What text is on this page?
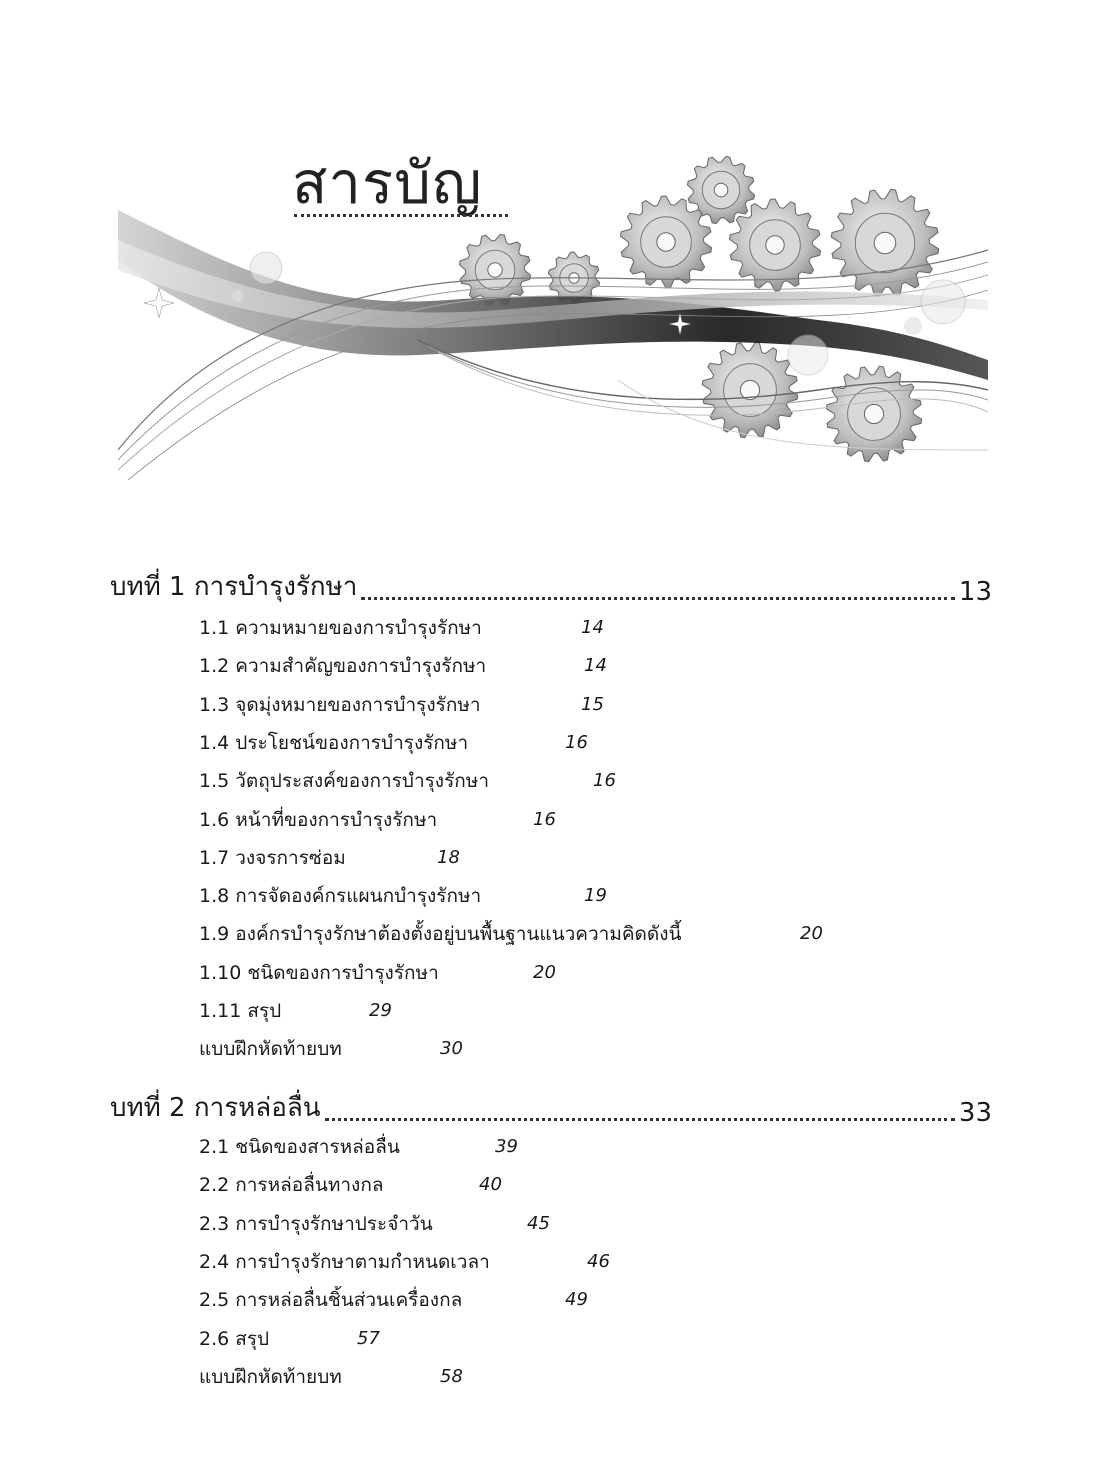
สารบัญ
บทที่ 1 การบำรุงรักษา	13
1.1 ความหมายของการบำรุงรักษา	14
1.2 ความสำคัญของการบำรุงรักษา	14
1.3 จุดมุ่งหมายของการบำรุงรักษา	15
1.4 ประโยชน์ของการบำรุงรักษา	16
1.5 วัตถุประสงค์ของการบำรุงรักษา	16
1.6 หน้าที่ของการบำรุงรักษา	16
1.7 วงจรการซ่อม	18
1.8 การจัดองค์กรแผนกบำรุงรักษา	19
1.9 องค์กรบำรุงรักษาต้องตั้งอยู่บนพื้นฐานแนวความคิดดังนี้	20
1.10 ชนิดของการบำรุงรักษา	20
1.11 สรุป	29
แบบฝึกหัดท้ายบท	30
บทที่ 2 การหล่อลื่น	33
2.1 ชนิดของสารหล่อลื่น	39
2.2 การหล่อลื่นทางกล	40
2.3 การบำรุงรักษาประจำวัน	45
2.4 การบำรุงรักษาตามกำหนดเวลา	46
2.5 การหล่อลื่นชิ้นส่วนเครื่องกล	49
2.6 สรุป	57
แบบฝึกหัดท้ายบท	58
